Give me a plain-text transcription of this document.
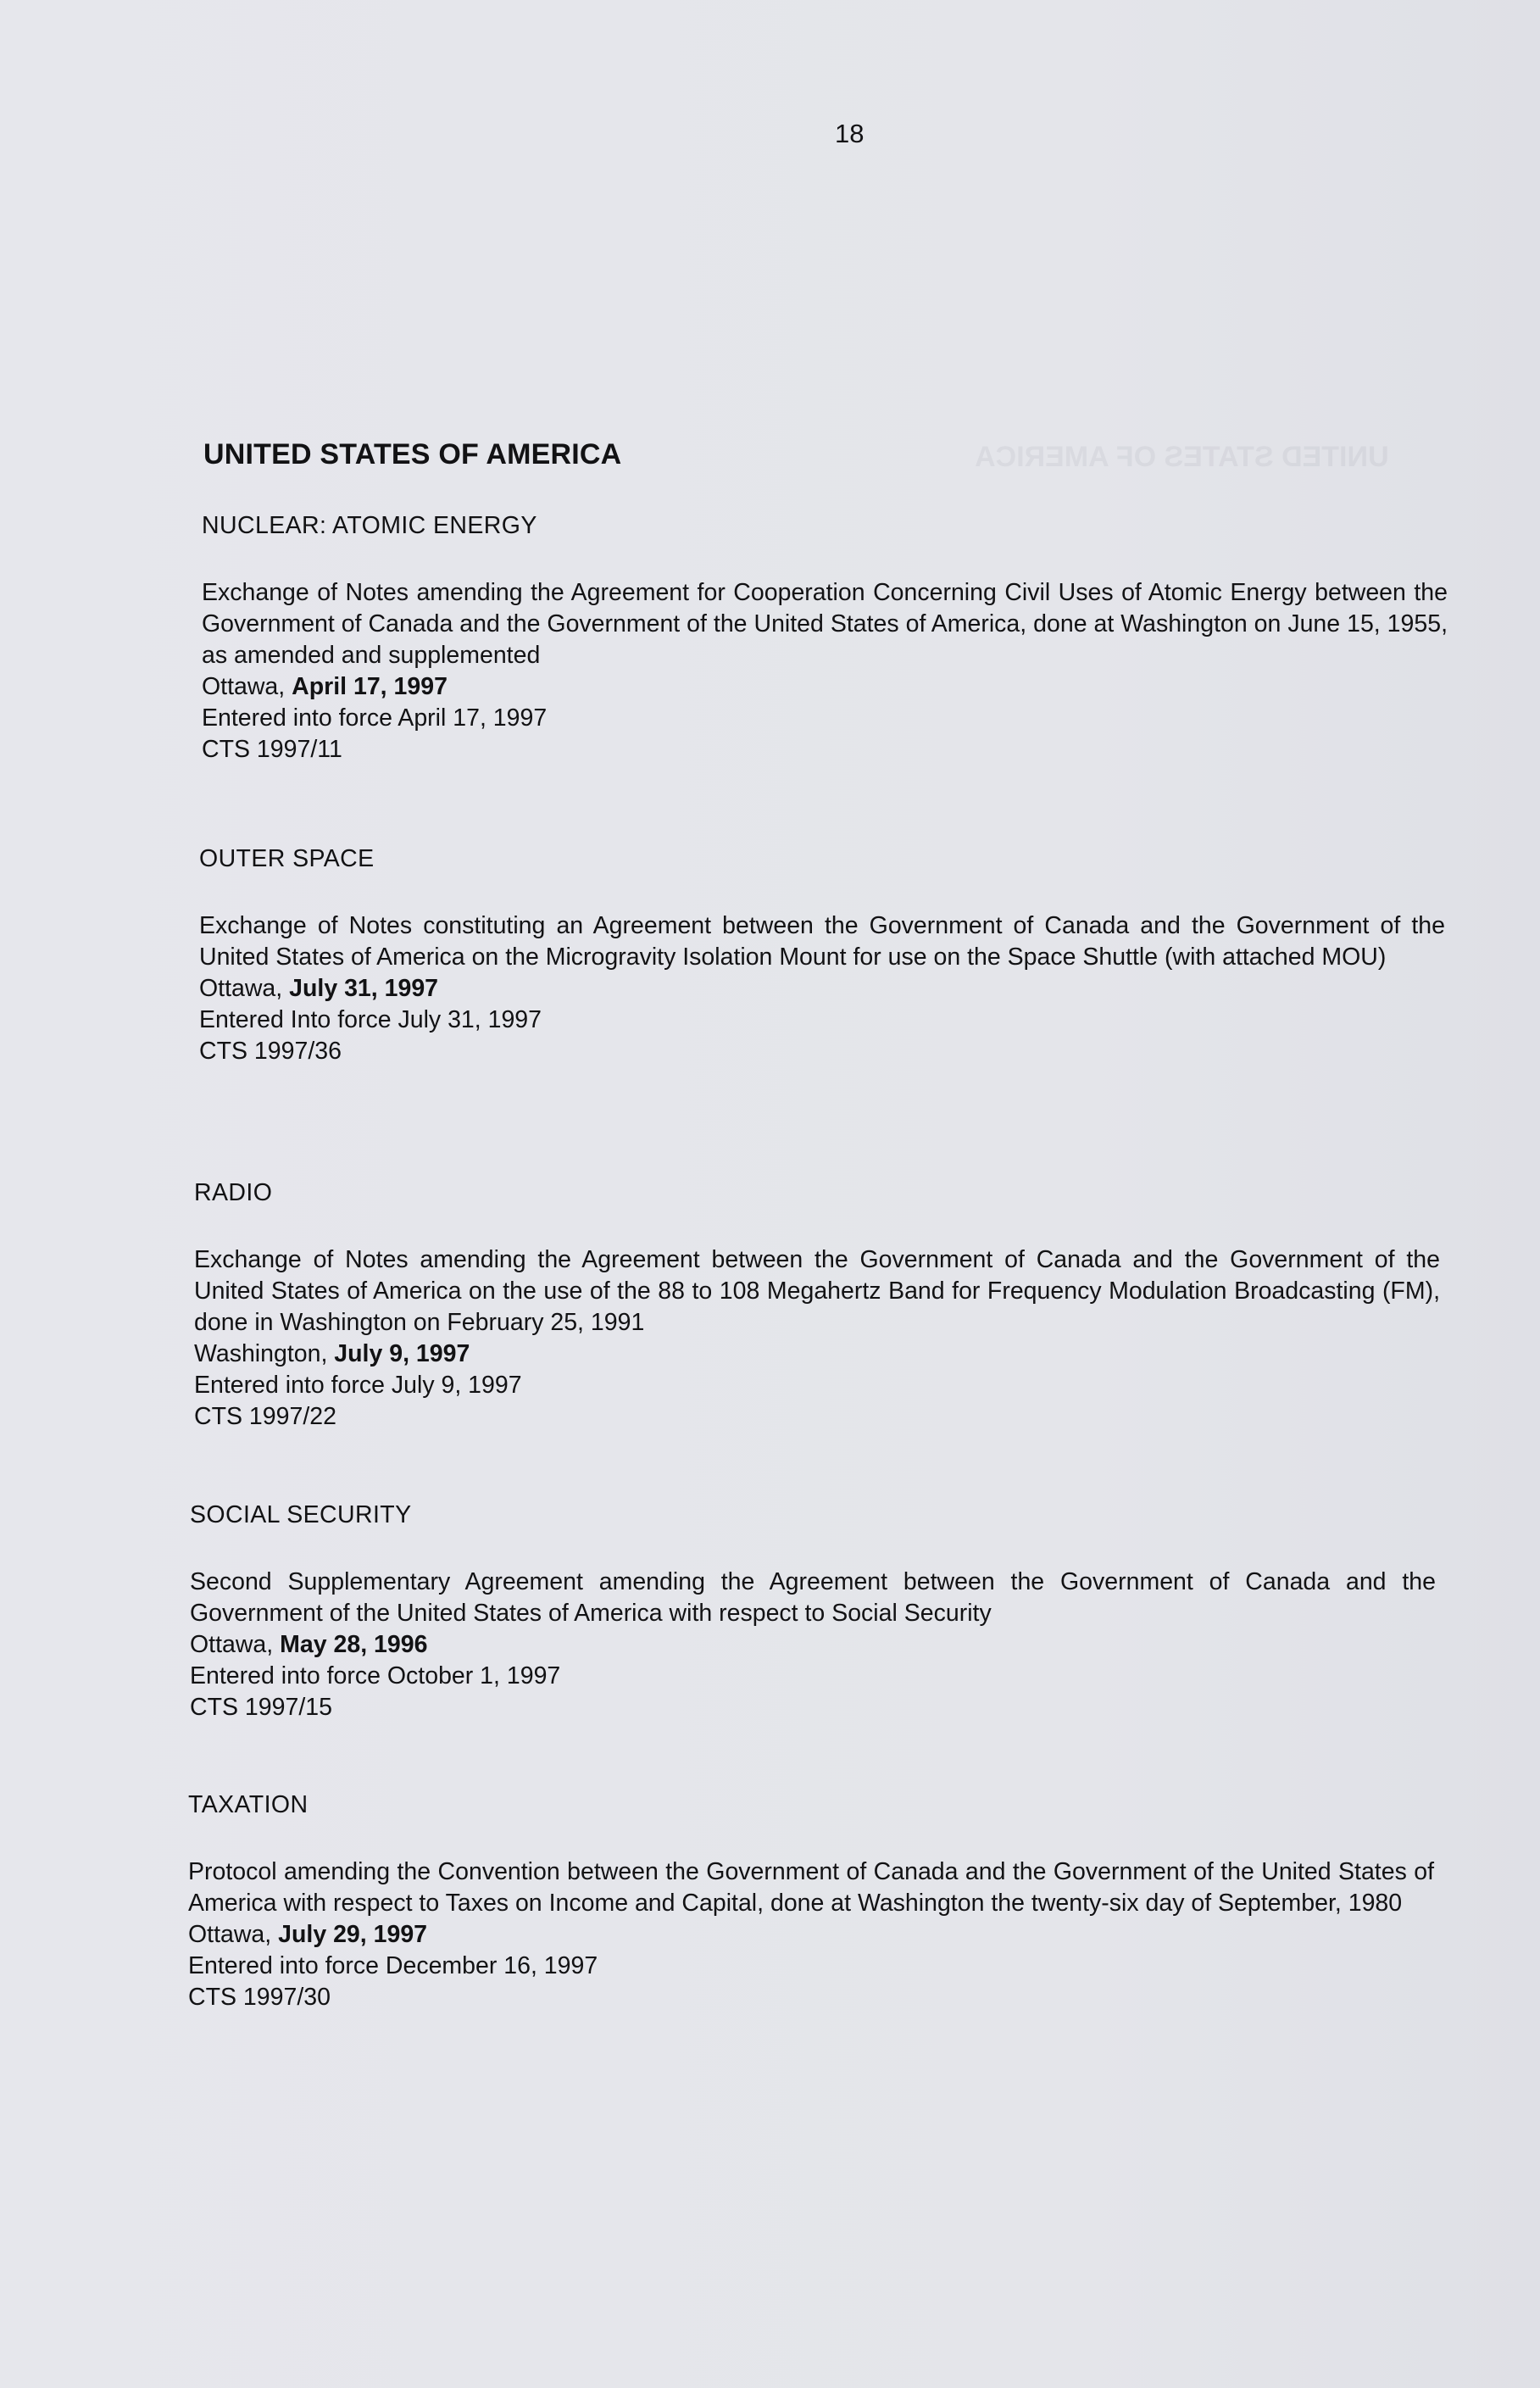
UNITED STATES OF AMERICA
18
UNITED STATES OF AMERICA
NUCLEAR: ATOMIC ENERGY
Exchange of Notes amending the Agreement for Cooperation Concerning Civil Uses of Atomic Energy between the Government of Canada and the Government of the United States of America, done at Washington on June 15, 1955, as amended and supplemented
Ottawa, April 17, 1997
Entered into force April 17, 1997
CTS 1997/11
OUTER SPACE
Exchange of Notes constituting an Agreement between the Government of Canada and the Government of the United States of America on the Microgravity Isolation Mount for use on the Space Shuttle (with attached MOU)
Ottawa, July 31, 1997
Entered Into force July 31, 1997
CTS 1997/36
RADIO
Exchange of Notes amending the Agreement between the Government of Canada and the Government of the United States of America on the use of the 88 to 108 Megahertz Band for Frequency Modulation Broadcasting (FM), done in Washington on February 25, 1991
Washington, July 9, 1997
Entered into force July 9, 1997
CTS 1997/22
SOCIAL SECURITY
Second Supplementary Agreement amending the Agreement between the Government of Canada and the Government of the United States of America with respect to Social Security
Ottawa, May 28, 1996
Entered into force October 1, 1997
CTS 1997/15
TAXATION
Protocol amending the Convention between the Government of Canada and the Government of the United States of America with respect to Taxes on Income and Capital, done at Washington the twenty-six day of September, 1980
Ottawa, July 29, 1997
Entered into force December 16, 1997
CTS 1997/30
